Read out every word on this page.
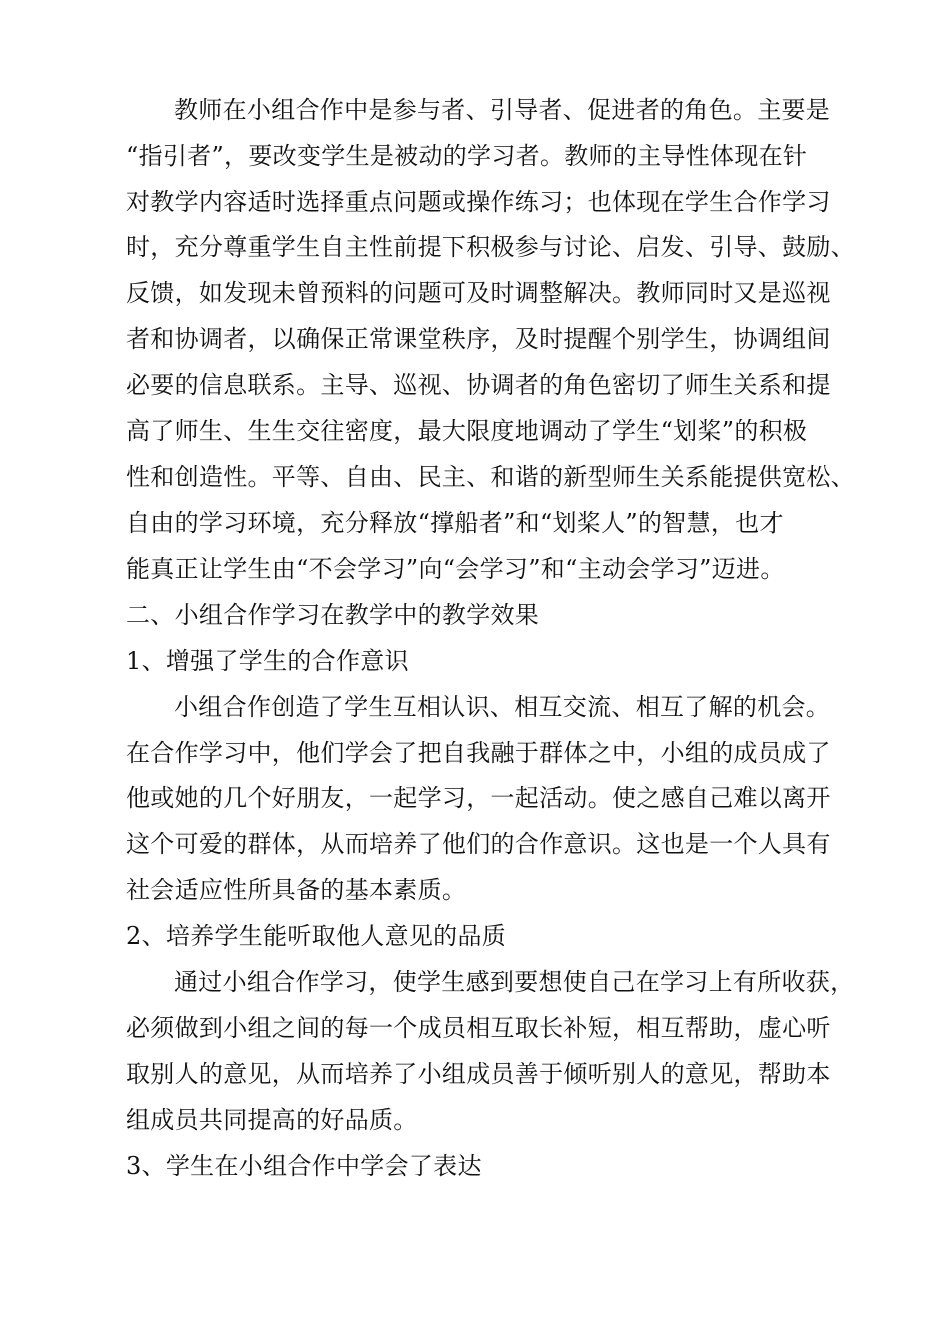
教师在小组合作中是参与者、引导者、促进者的角色。主要是
“指引者”，要改变学生是被动的学习者。教师的主导性体现在针
对教学内容适时选择重点问题或操作练习；也体现在学生合作学习
时，充分尊重学生自主性前提下积极参与讨论、启发、引导、鼓励、
反馈，如发现未曾预料的问题可及时调整解决。教师同时又是巡视
者和协调者，以确保正常课堂秩序，及时提醒个别学生，协调组间
必要的信息联系。主导、巡视、协调者的角色密切了师生关系和提
高了师生、生生交往密度，最大限度地调动了学生“划桨”的积极
性和创造性。平等、自由、民主、和谐的新型师生关系能提供宽松、
自由的学习环境，充分释放“撑船者”和“划桨人”的智慧，也才
能真正让学生由“不会学习”向“会学习”和“主动会学习”迈进。
二、小组合作学习在教学中的教学效果
1、增强了学生的合作意识
小组合作创造了学生互相认识、相互交流、相互了解的机会。
在合作学习中，他们学会了把自我融于群体之中，小组的成员成了
他或她的几个好朋友，一起学习，一起活动。使之感自己难以离开
这个可爱的群体，从而培养了他们的合作意识。这也是一个人具有
社会适应性所具备的基本素质。
2、培养学生能听取他人意见的品质
通过小组合作学习，使学生感到要想使自己在学习上有所收获，
必须做到小组之间的每一个成员相互取长补短，相互帮助，虚心听
取别人的意见，从而培养了小组成员善于倾听别人的意见，帮助本
组成员共同提高的好品质。
3、学生在小组合作中学会了表达
